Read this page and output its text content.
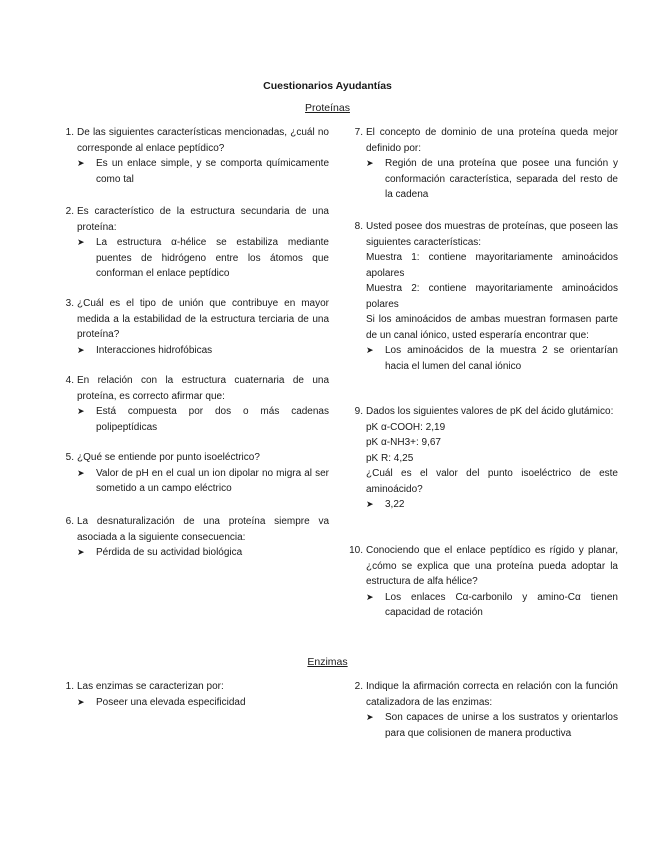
Cuestionarios Ayudantías
Proteínas
1. De las siguientes características mencionadas, ¿cuál no corresponde al enlace peptídico?
➤ Es un enlace simple, y se comporta químicamente como tal
2. Es característico de la estructura secundaria de una proteína:
➤ La estructura α-hélice se estabiliza mediante puentes de hidrógeno entre los átomos que conforman el enlace peptídico
3. ¿Cuál es el tipo de unión que contribuye en mayor medida a la estabilidad de la estructura terciaria de una proteína?
➤ Interacciones hidrofóbicas
4. En relación con la estructura cuaternaria de una proteína, es correcto afirmar que:
➤ Está compuesta por dos o más cadenas polipeptídicas
5. ¿Qué se entiende por punto isoeléctrico?
➤ Valor de pH en el cual un ion dipolar no migra al ser sometido a un campo eléctrico
6. La desnaturalización de una proteína siempre va asociada a la siguiente consecuencia:
➤ Pérdida de su actividad biológica
7. El concepto de dominio de una proteína queda mejor definido por:
➤ Región de una proteína que posee una función y conformación característica, separada del resto de la cadena
8. Usted posee dos muestras de proteínas, que poseen las siguientes características:
Muestra 1: contiene mayoritariamente aminoácidos apolares
Muestra 2: contiene mayoritariamente aminoácidos polares
Si los aminoácidos de ambas muestran formasen parte de un canal iónico, usted esperaría encontrar que:
➤ Los aminoácidos de la muestra 2 se orientarían hacia el lumen del canal iónico
9. Dados los siguientes valores de pK del ácido glutámico:
pK α-COOH: 2,19
pK α-NH3+: 9,67
pK R: 4,25
¿Cuál es el valor del punto isoeléctrico de este aminoácido?
➤ 3,22
10. Conociendo que el enlace peptídico es rígido y planar, ¿cómo se explica que una proteína pueda adoptar la estructura de alfa hélice?
➤ Los enlaces Cα-carbonilo y amino-Cα tienen capacidad de rotación
Enzimas
1. Las enzimas se caracterizan por:
➤ Poseer una elevada especificidad
2. Indique la afirmación correcta en relación con la función catalizadora de las enzimas:
➤ Son capaces de unirse a los sustratos y orientarlos para que colisionen de manera productiva
